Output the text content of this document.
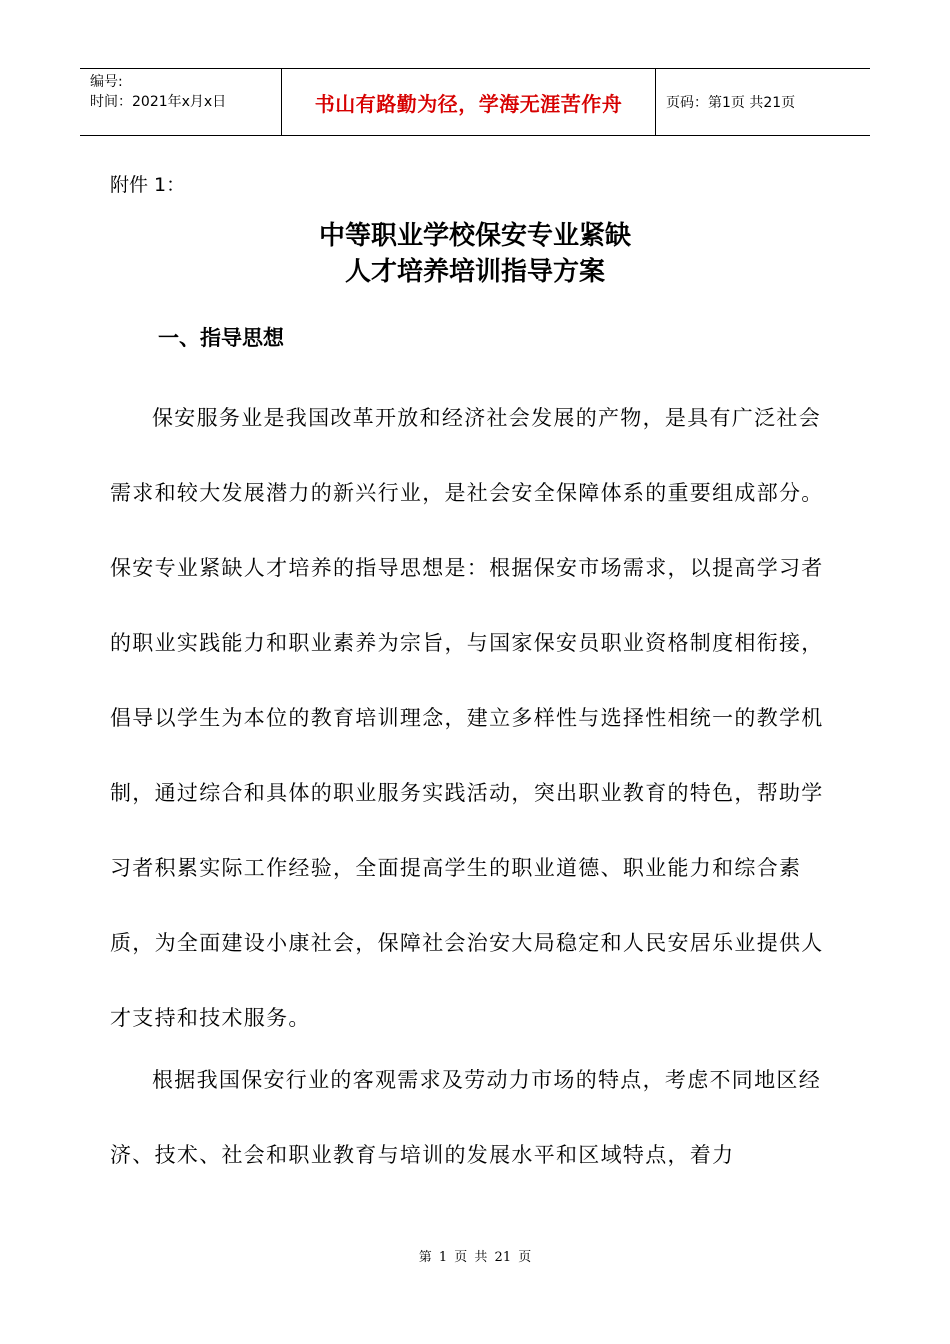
编号:
时间：2021年x月x日	书山有路勤为径，学海无涯苦作舟	页码：第1页 共21页
附件 1：
中等职业学校保安专业紧缺
人才培养培训指导方案
一、指导思想

保安服务业是我国改革开放和经济社会发展的产物，是具有广泛社会需求和较大发展潜力的新兴行业，是社会安全保障体系的重要组成部分。保安专业紧缺人才培养的指导思想是：根据保安市场需求，以提高学习者的职业实践能力和职业素养为宗旨，与国家保安员职业资格制度相衔接，倡导以学生为本位的教育培训理念，建立多样性与选择性相统一的教学机制，通过综合和具体的职业服务实践活动，突出职业教育的特色，帮助学习者积累实际工作经验，全面提高学生的职业道德、职业能力和综合素质，为全面建设小康社会，保障社会治安大局稳定和人民安居乐业提供人才支持和技术服务。

根据我国保安行业的客观需求及劳动力市场的特点，考虑不同地区经济、技术、社会和职业教育与培训的发展水平和区域特点，着力

第 1 页 共 21 页
